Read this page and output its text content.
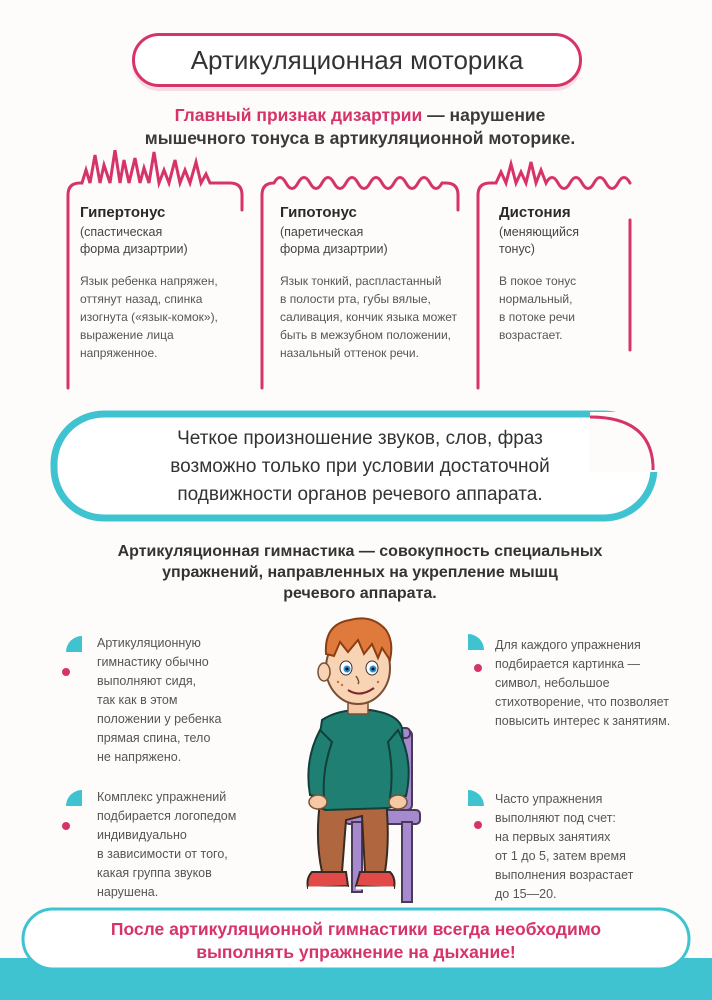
Артикуляционная моторика
Главный признак дизартрии — нарушение
мышечного тонуса в артикуляционной моторике.
Гипертонус
(спастическая
форма дизартрии)
Язык ребенка напряжен,
оттянут назад, спинка
изогнута («язык-комок»),
выражение лица
напряженное.
Гипотонус
(паретическая
форма дизартрии)
Язык тонкий, распластанный
в полости рта, губы вялые,
саливация, кончик языка может
быть в межзубном положении,
назальный оттенок речи.
Дистония
(меняющийся
тонус)
В покое тонус
нормальный,
в потоке речи
возрастает.
Четкое произношение звуков, слов, фраз
возможно только при условии достаточной
подвижности органов речевого аппарата.
Артикуляционная гимнастика — совокупность специальных
упражнений, направленных на укрепление мышц
речевого аппарата.
Артикуляционную
гимнастику обычно
выполняют сидя,
так как в этом
положении у ребенка
прямая спина, тело
не напряжено.
Комплекс упражнений
подбирается логопедом
индивидуально
в зависимости от того,
какая группа звуков
нарушена.
Для каждого упражнения
подбирается картинка —
символ, небольшое
стихотворение, что позволяет
повысить интерес к занятиям.
Часто упражнения
выполняют под счет:
на первых занятиях
от 1 до 5, затем время
выполнения возрастает
до 15—20.
После артикуляционной гимнастики всегда необходимо
выполнять упражнение на дыхание!
